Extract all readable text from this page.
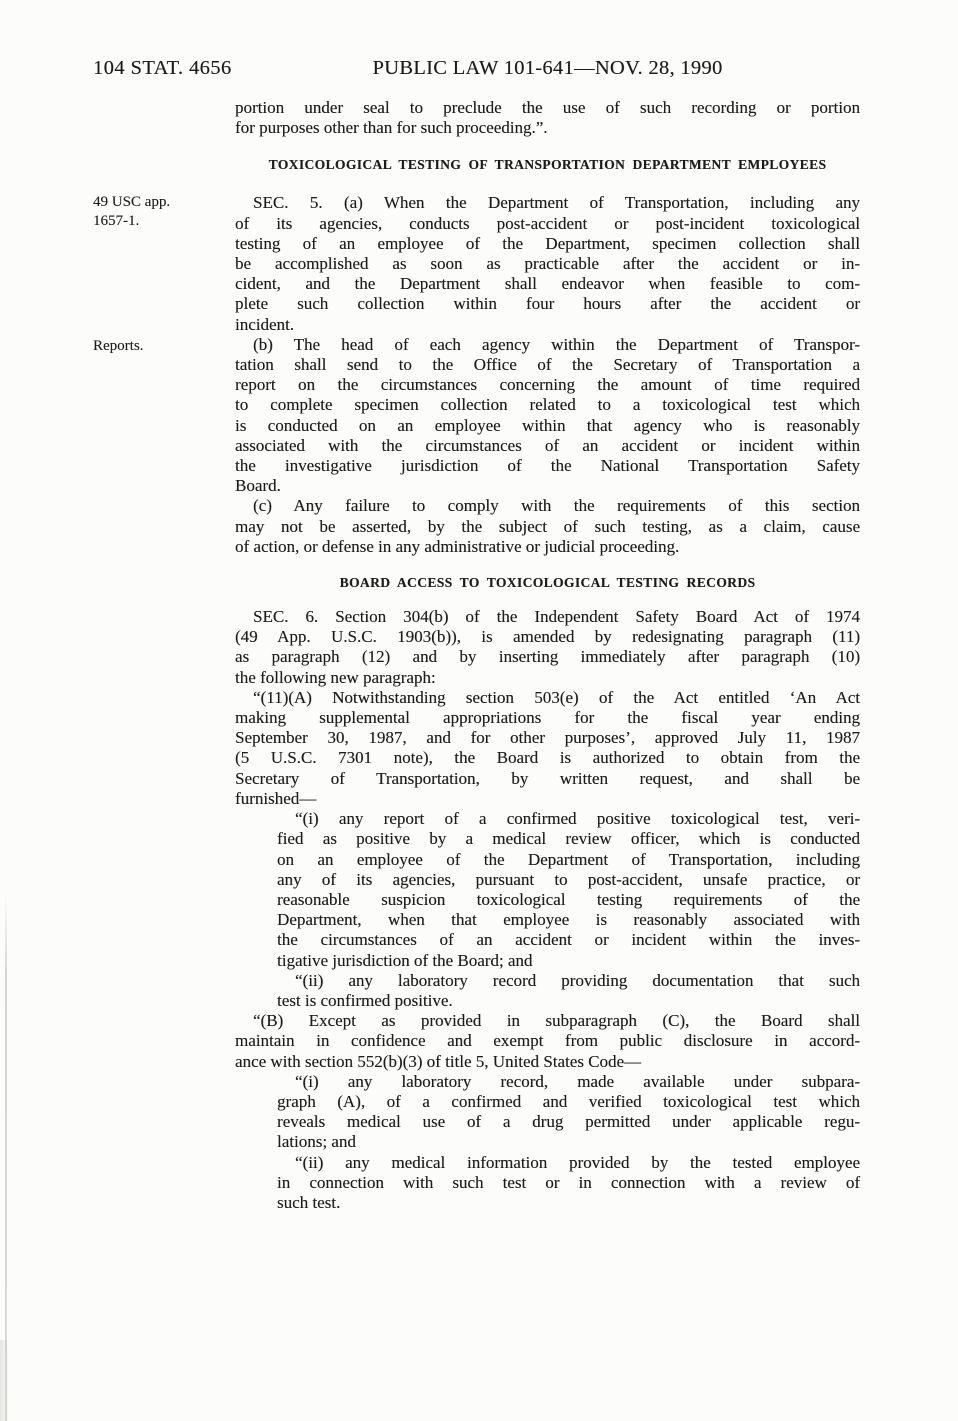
104 STAT. 4656	PUBLIC LAW 101-641—NOV. 28, 1990
49 USC app.
1657-1.
Reports.
portion under seal to preclude the use of such recording or portion
for purposes other than for such proceeding.”.
TOXICOLOGICAL TESTING OF TRANSPORTATION DEPARTMENT EMPLOYEES
SEC. 5. (a) When the Department of Transportation, including any
of its agencies, conducts post-accident or post-incident toxicological
testing of an employee of the Department, specimen collection shall
be accomplished as soon as practicable after the accident or in-
cident, and the Department shall endeavor when feasible to com-
plete such collection within four hours after the accident or
incident.
(b) The head of each agency within the Department of Transpor-
tation shall send to the Office of the Secretary of Transportation a
report on the circumstances concerning the amount of time required
to complete specimen collection related to a toxicological test which
is conducted on an employee within that agency who is reasonably
associated with the circumstances of an accident or incident within
the investigative jurisdiction of the National Transportation Safety
Board.
(c) Any failure to comply with the requirements of this section
may not be asserted, by the subject of such testing, as a claim, cause
of action, or defense in any administrative or judicial proceeding.
BOARD ACCESS TO TOXICOLOGICAL TESTING RECORDS
SEC. 6. Section 304(b) of the Independent Safety Board Act of 1974
(49 App. U.S.C. 1903(b)), is amended by redesignating paragraph (11)
as paragraph (12) and by inserting immediately after paragraph (10)
the following new paragraph:
“(11)(A) Notwithstanding section 503(e) of the Act entitled ‘An Act
making supplemental appropriations for the fiscal year ending
September 30, 1987, and for other purposes’, approved July 11, 1987
(5 U.S.C. 7301 note), the Board is authorized to obtain from the
Secretary of Transportation, by written request, and shall be
furnished—
“(i) any report of a confirmed positive toxicological test, veri-
fied as positive by a medical review officer, which is conducted
on an employee of the Department of Transportation, including
any of its agencies, pursuant to post-accident, unsafe practice, or
reasonable suspicion toxicological testing requirements of the
Department, when that employee is reasonably associated with
the circumstances of an accident or incident within the inves-
tigative jurisdiction of the Board; and
“(ii) any laboratory record providing documentation that such
test is confirmed positive.
“(B) Except as provided in subparagraph (C), the Board shall
maintain in confidence and exempt from public disclosure in accord-
ance with section 552(b)(3) of title 5, United States Code—
“(i) any laboratory record, made available under subpara-
graph (A), of a confirmed and verified toxicological test which
reveals medical use of a drug permitted under applicable regu-
lations; and
“(ii) any medical information provided by the tested employee
in connection with such test or in connection with a review of
such test.
